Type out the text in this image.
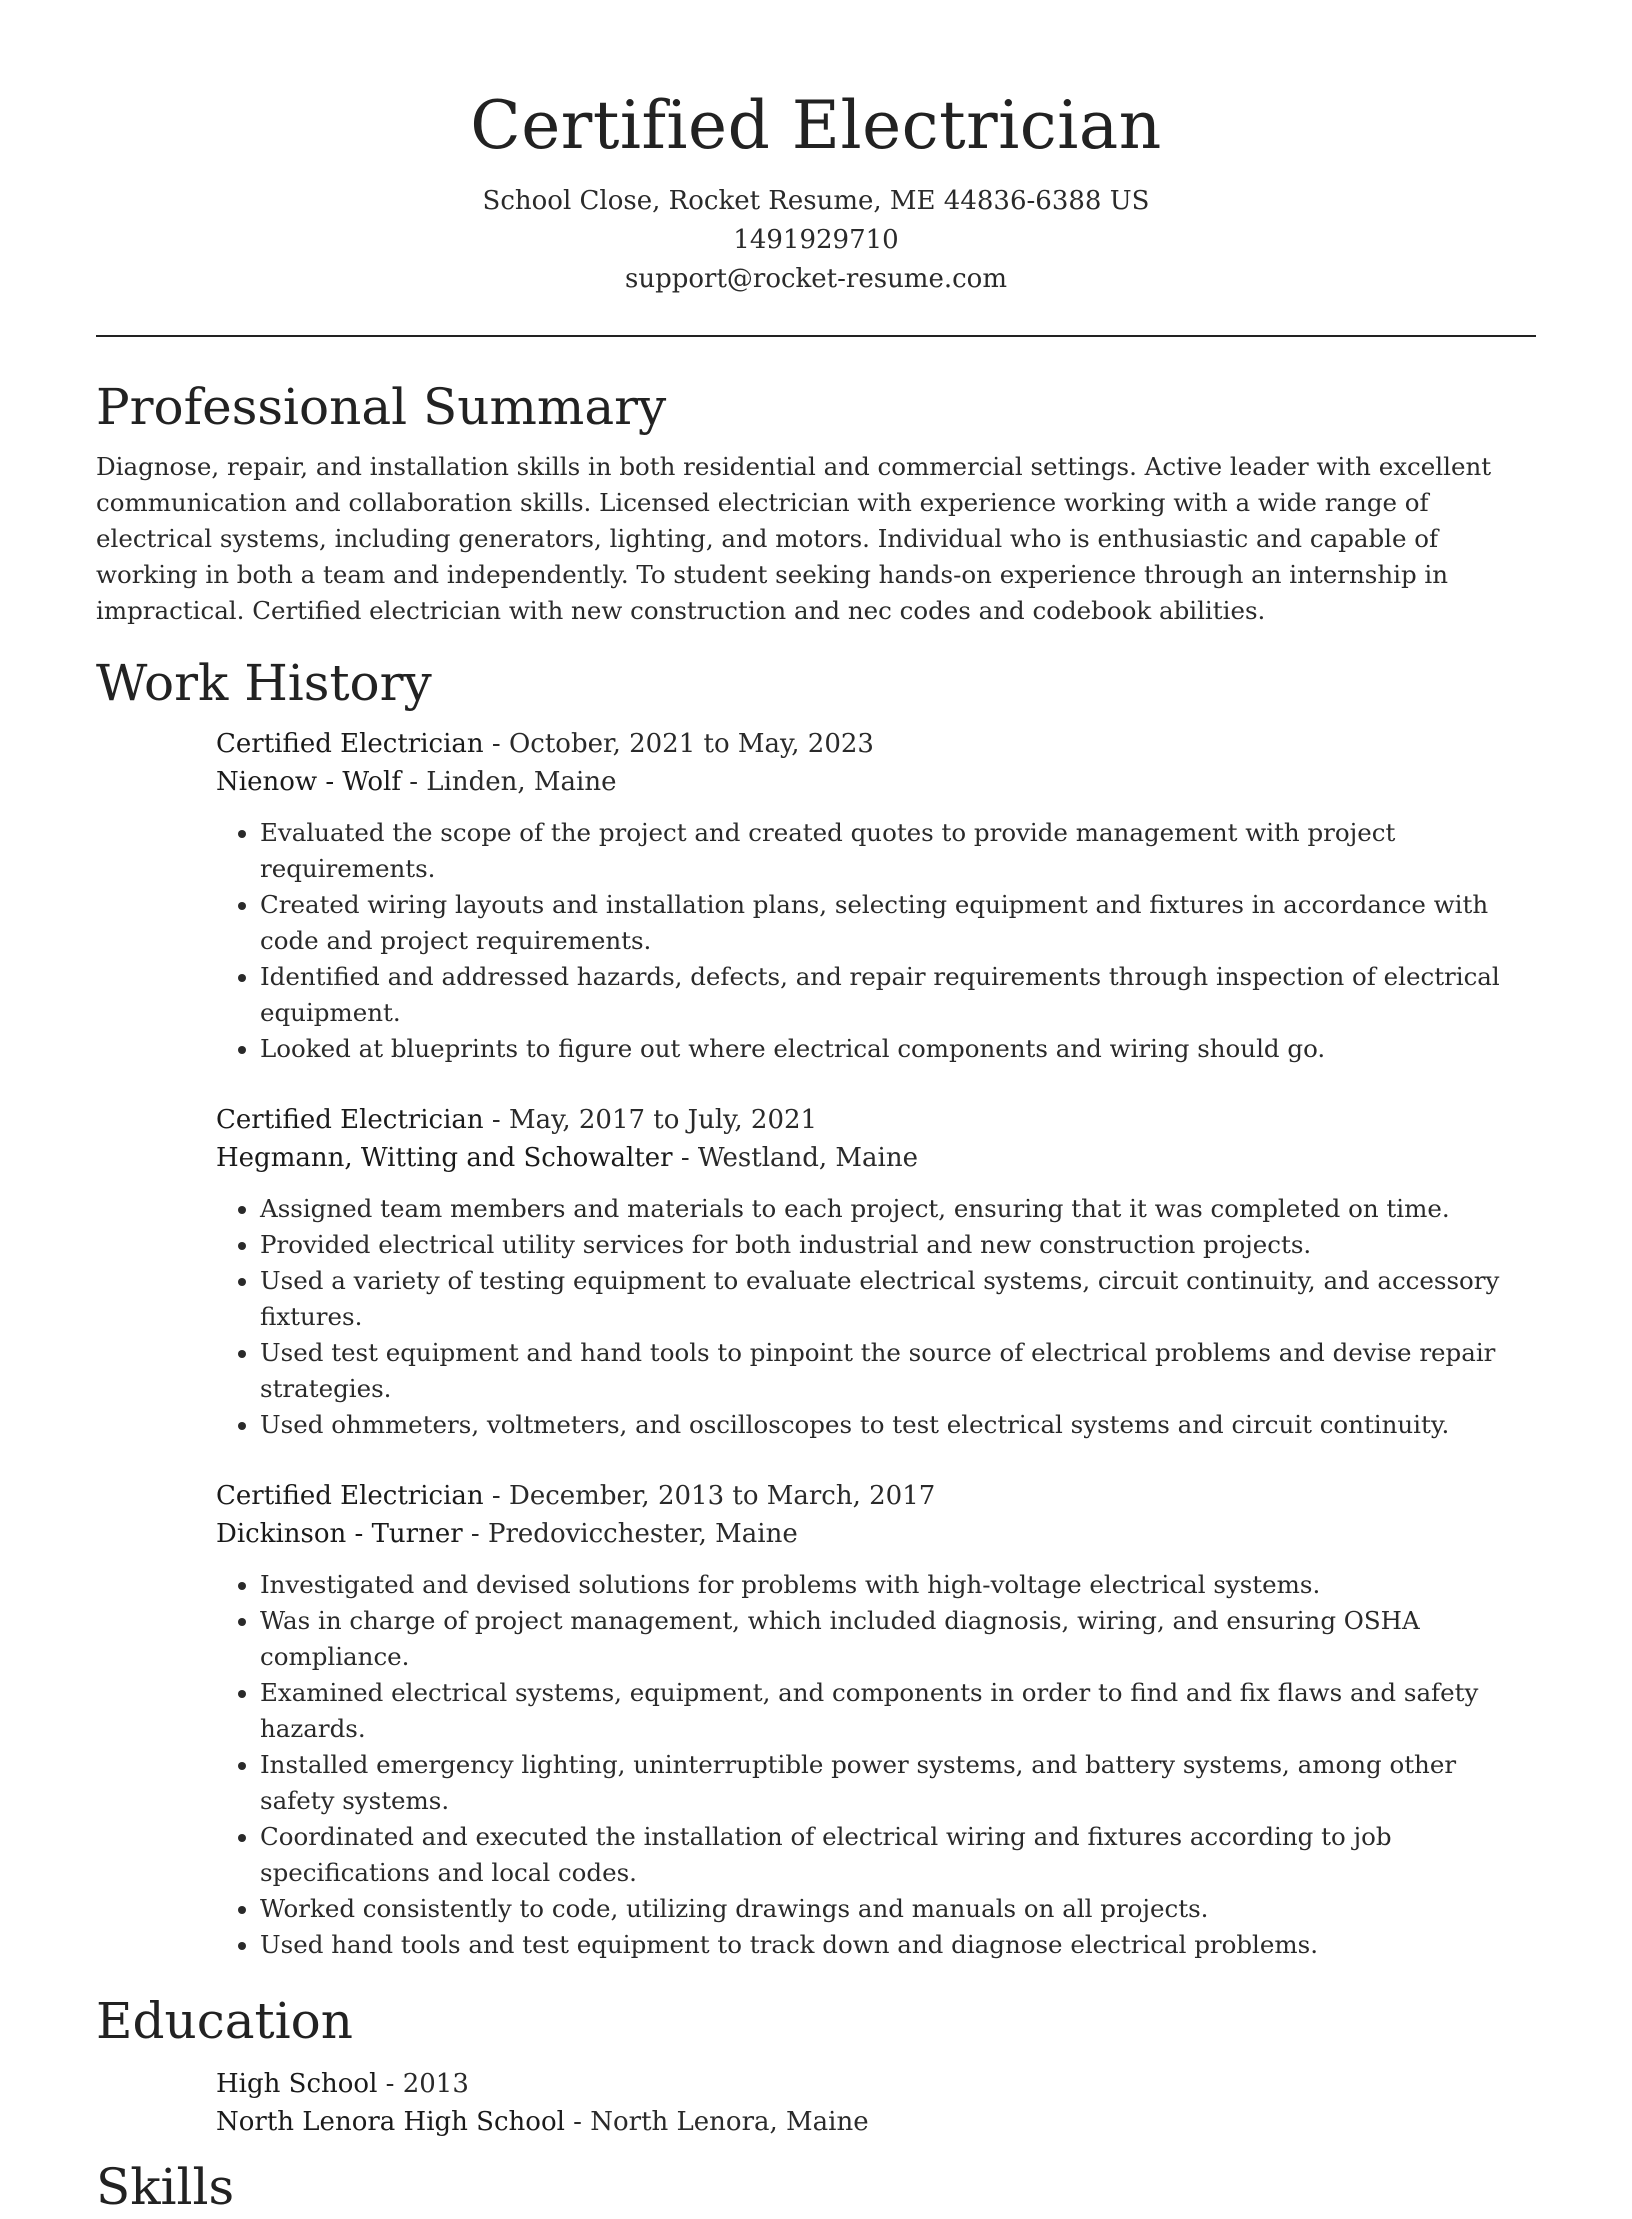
Certified Electrician
School Close, Rocket Resume, ME 44836-6388 US
1491929710
support@rocket-resume.com
Professional Summary

Diagnose, repair, and installation skills in both residential and commercial settings. Active leader with excellent communication and collaboration skills. Licensed electrician with experience working with a wide range of electrical systems, including generators, lighting, and motors. Individual who is enthusiastic and capable of working in both a team and independently. To student seeking hands-on experience through an internship in impractical. Certified electrician with new construction and nec codes and codebook abilities.

Work History
Certified Electrician - October, 2021 to May, 2023
Nienow - Wolf - Linden, Maine
• Evaluated the scope of the project and created quotes to provide management with project requirements.
• Created wiring layouts and installation plans, selecting equipment and fixtures in accordance with code and project requirements.
• Identified and addressed hazards, defects, and repair requirements through inspection of electrical equipment.
• Looked at blueprints to figure out where electrical components and wiring should go.
Certified Electrician - May, 2017 to July, 2021
Hegmann, Witting and Schowalter - Westland, Maine
• Assigned team members and materials to each project, ensuring that it was completed on time.
• Provided electrical utility services for both industrial and new construction projects.
• Used a variety of testing equipment to evaluate electrical systems, circuit continuity, and accessory fixtures.
• Used test equipment and hand tools to pinpoint the source of electrical problems and devise repair strategies.
• Used ohmmeters, voltmeters, and oscilloscopes to test electrical systems and circuit continuity.
Certified Electrician - December, 2013 to March, 2017
Dickinson - Turner - Predovicchester, Maine
• Investigated and devised solutions for problems with high-voltage electrical systems.
• Was in charge of project management, which included diagnosis, wiring, and ensuring OSHA compliance.
• Examined electrical systems, equipment, and components in order to find and fix flaws and safety hazards.
• Installed emergency lighting, uninterruptible power systems, and battery systems, among other safety systems.
• Coordinated and executed the installation of electrical wiring and fixtures according to job specifications and local codes.
• Worked consistently to code, utilizing drawings and manuals on all projects.
• Used hand tools and test equipment to track down and diagnose electrical problems.
Education
High School - 2013
North Lenora High School - North Lenora, Maine
Skills
